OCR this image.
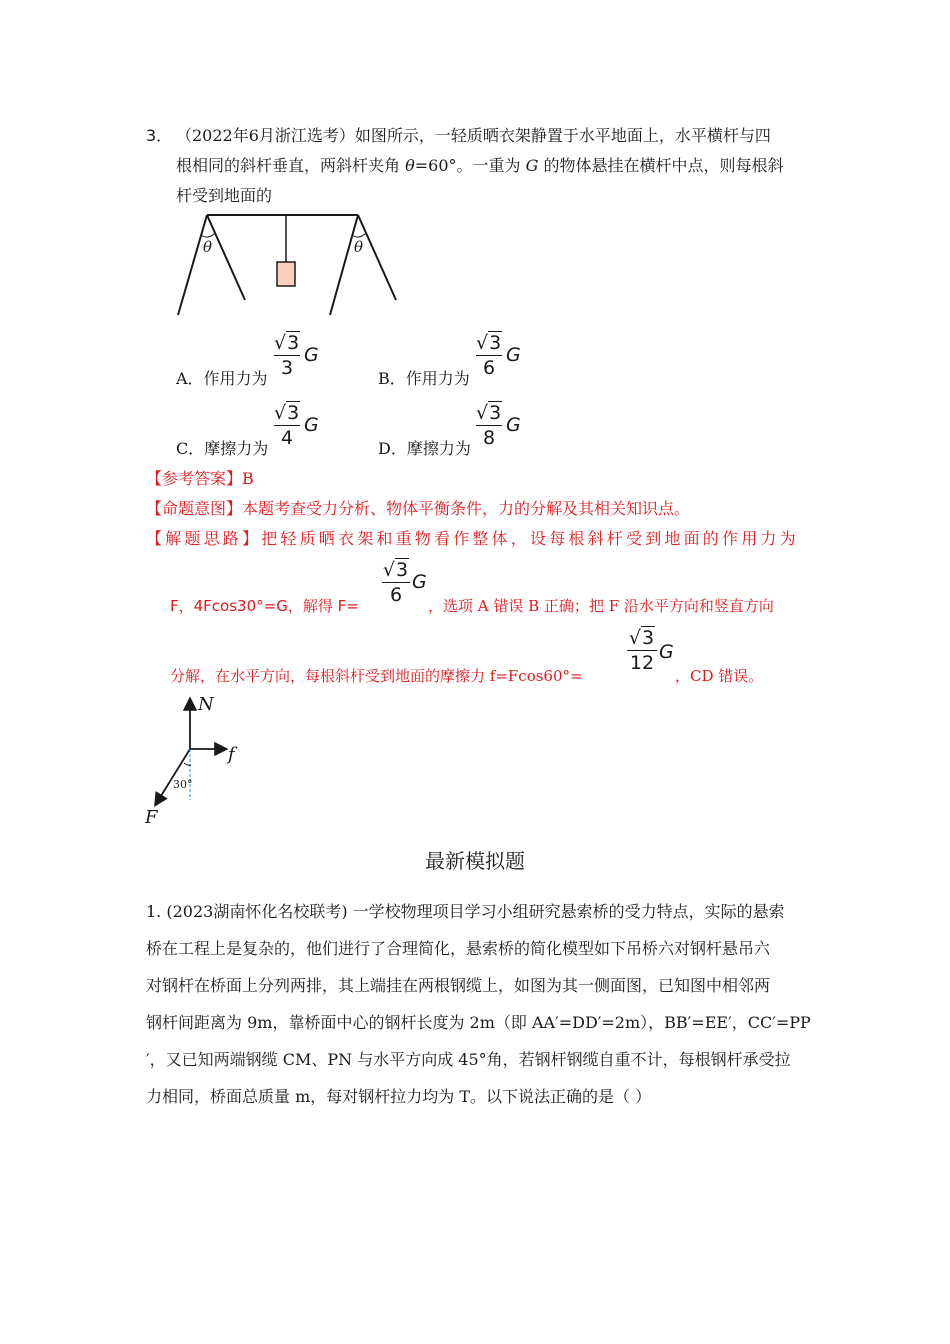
3． （2022年6月浙江选考）如图所示，一轻质晒衣架静置于水平地面上，水平横杆与四
根相同的斜杆垂直，两斜杆夹角 θ=60°。一重为 G 的物体悬挂在横杆中点，则每根斜
杆受到地面的
θ	θ
A．作用力为
√3
3
G
B．作用力为
√3
6
G
C．摩擦力为
√3
4
G
D．摩擦力为
√3
8
G
【参考答案】B
【命题意图】本题考查受力分析、物体平衡条件，力的分解及其相关知识点。
【解题思路】把轻质晒衣架和重物看作整体，设每根斜杆受到地面的作用力为
F，4Fcos30°=G，解得 F=
√3
6
G
，选项 A 错误 B 正确；把 F 沿水平方向和竖直方向
分解，在水平方向，每根斜杆受到地面的摩擦力 f=Fcos60°=
√3
12 G
，CD 错误。
N
f
F
30°
最新模拟题
1. (2023湖南怀化名校联考) 一学校物理项目学习小组研究悬索桥的受力特点，实际的悬索
桥在工程上是复杂的，他们进行了合理简化，悬索桥的简化模型如下吊桥六对钢杆悬吊六
对钢杆在桥面上分列两排，其上端挂在两根钢缆上，如图为其一侧面图，已知图中相邻两
钢杆间距离为 9m，靠桥面中心的钢杆长度为 2m（即 AA′=DD′=2m），BB′=EE′，CC′=PP
′，又已知两端钢缆 CM、PN 与水平方向成 45°角，若钢杆钢缆自重不计，每根钢杆承受拉
力相同，桥面总质量 m，每对钢杆拉力均为 T。以下说法正确的是（ ）
